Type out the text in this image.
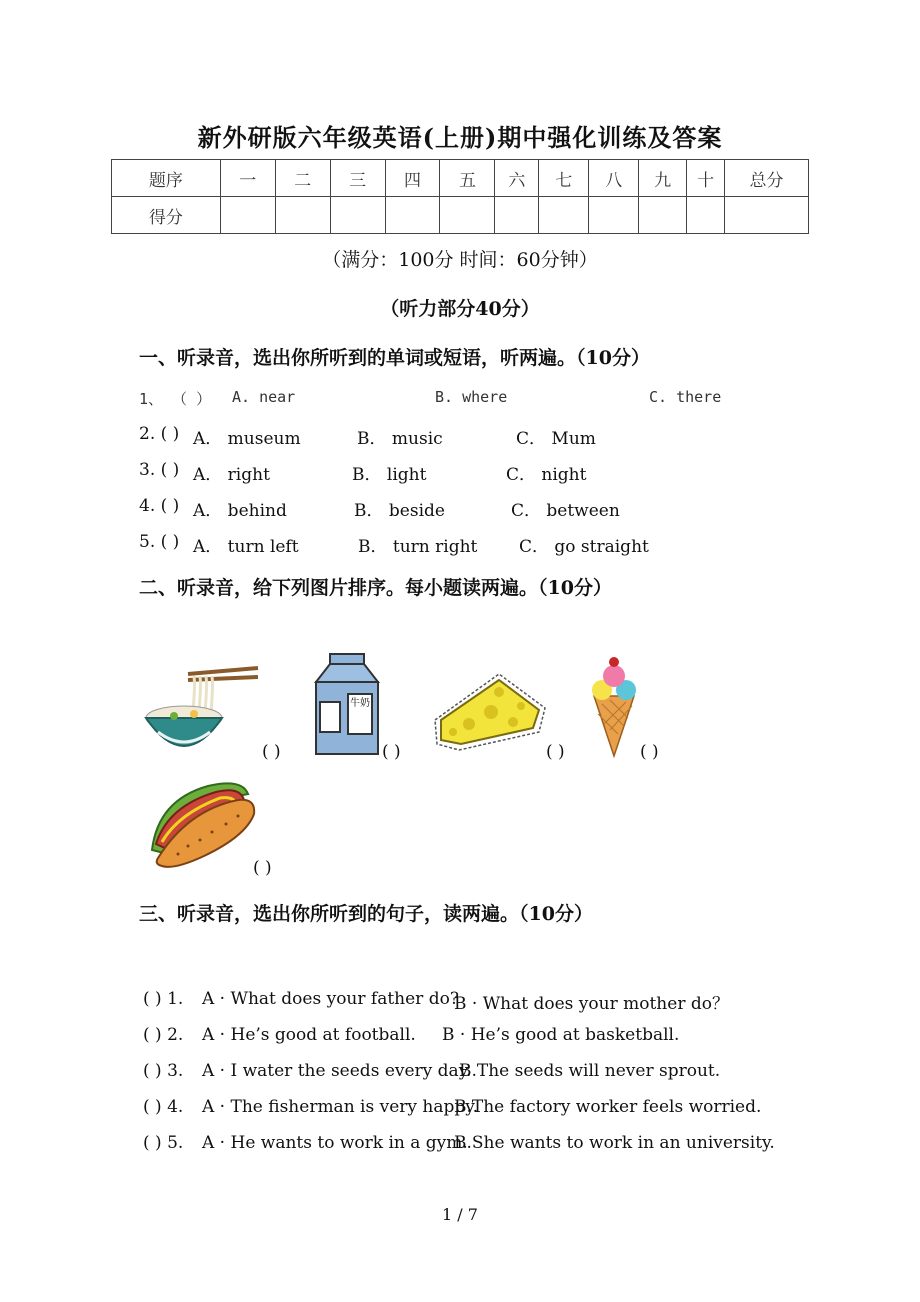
新外研版六年级英语(上册)期中强化训练及答案
题序	一	二	三	四	五	六	七	八	九	十	总分
得分											
（满分：100分 时间：60分钟）
（听力部分40分）
一、听录音，选出你所听到的单词或短语，听两遍。（10分）
1、 （ ） A. near	B. where	C. there
2. ( ) A． museum	B． music	C． Mum
3. ( ) A． right	B． light	C． night
4. ( ) A． behind	B． beside	C． between
5. ( ) A． turn left	B． turn right C． go straight
二、听录音，给下列图片排序。每小题读两遍。（10分）
( )
牛奶
( )	( )	( )
( )
三、听录音，选出你所听到的句子，读两遍。（10分）
( ) 1. A · What does your father do?
B · What does your mother do？
( ) 2. A · He’s good at football. B · He’s good at basketball.
( ) 3. A · I water the seeds every day.
B.The seeds will never sprout.
( ) 4. A · The fisherman is very happy.
B.The factory worker feels worried.
( ) 5. A · He wants to work in a gym.
B.She wants to work in an university.
1 / 7
